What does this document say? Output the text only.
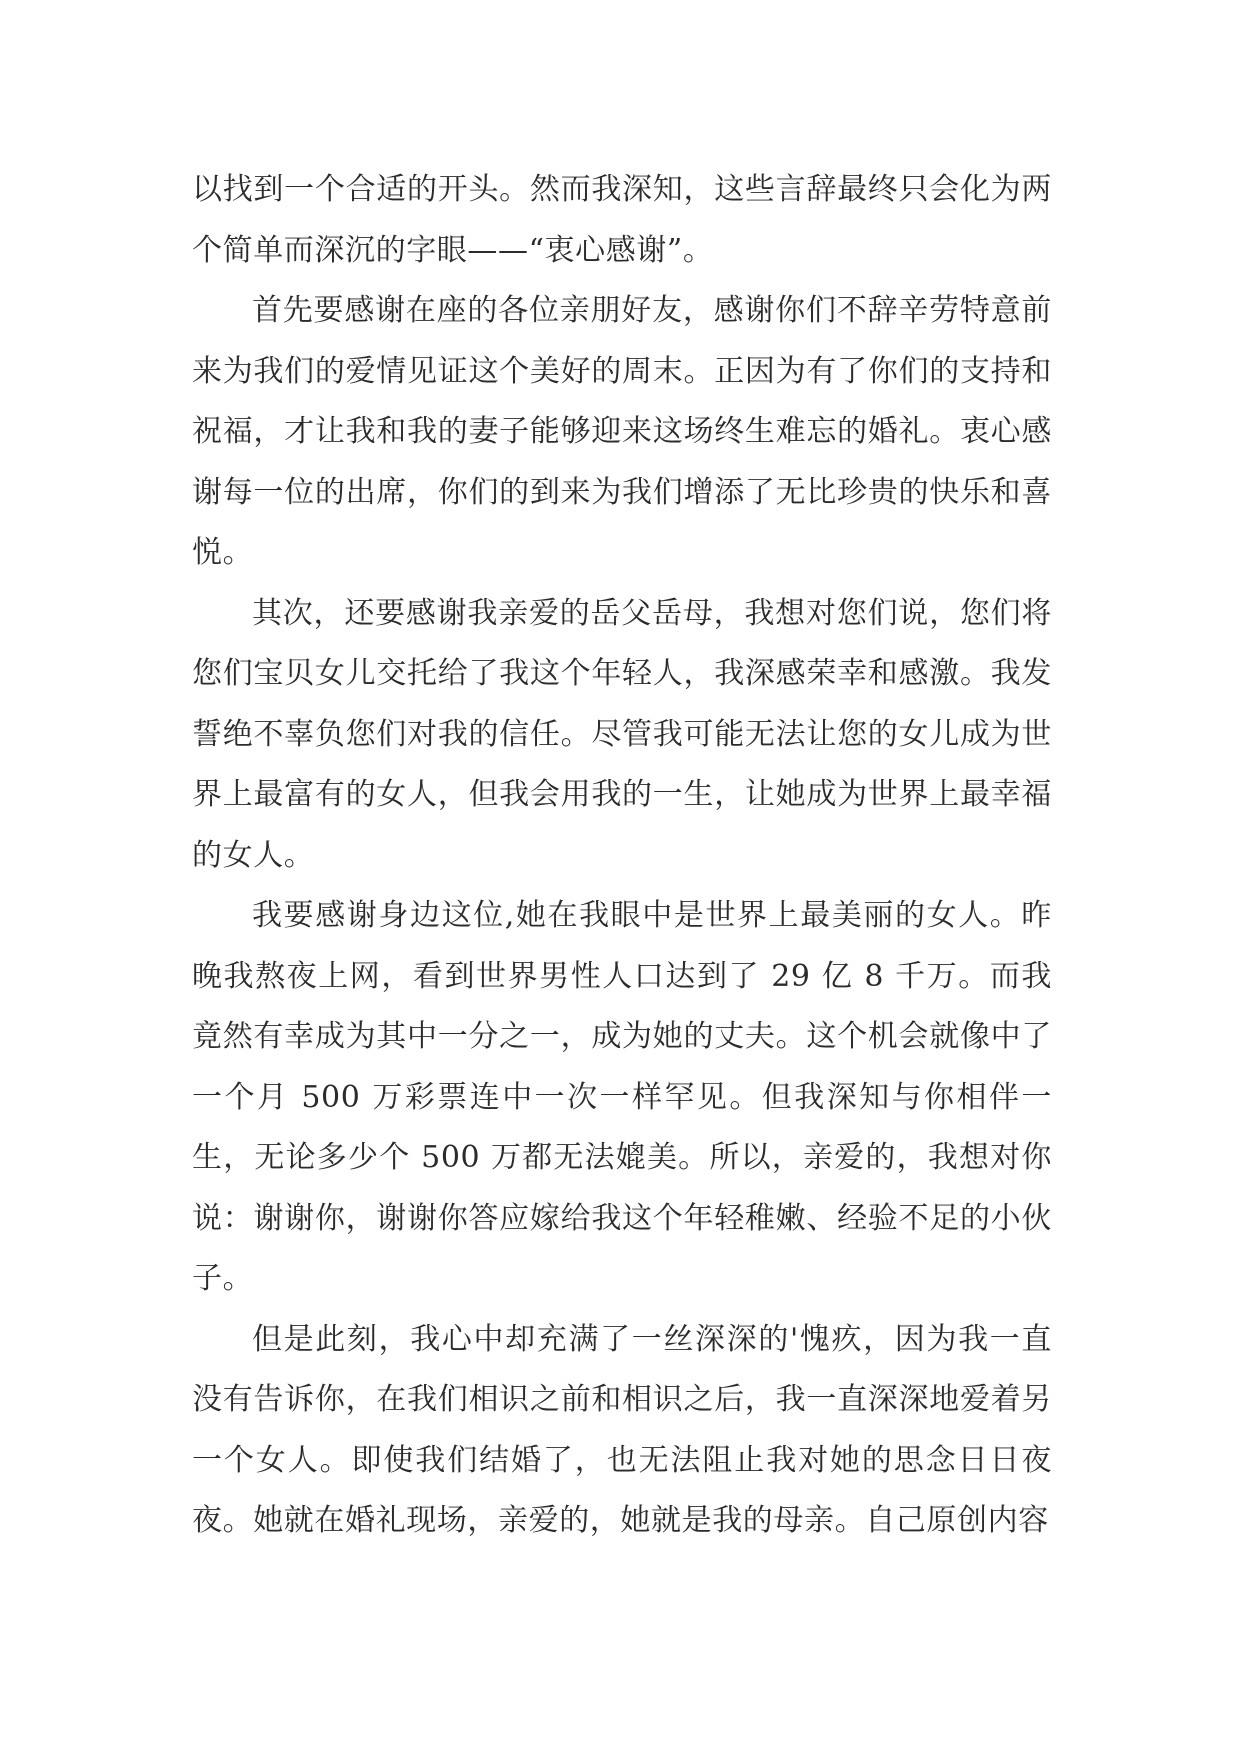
以找到一个合适的开头。然而我深知，这些言辞最终只会化为两个简单而深沉的字眼——“衷心感谢”。

首先要感谢在座的各位亲朋好友，感谢你们不辞辛劳特意前来为我们的爱情见证这个美好的周末。正因为有了你们的支持和祝福，才让我和我的妻子能够迎来这场终生难忘的婚礼。衷心感谢每一位的出席，你们的到来为我们增添了无比珍贵的快乐和喜悦。

其次，还要感谢我亲爱的岳父岳母，我想对您们说，您们将您们宝贝女儿交托给了我这个年轻人，我深感荣幸和感激。我发誓绝不辜负您们对我的信任。尽管我可能无法让您的女儿成为世界上最富有的女人，但我会用我的一生，让她成为世界上最幸福的女人。

我要感谢身边这位,她在我眼中是世界上最美丽的女人。昨晚我熬夜上网，看到世界男性人口达到了 29 亿 8 千万。而我竟然有幸成为其中一分之一，成为她的丈夫。这个机会就像中了一个月 500 万彩票连中一次一样罕见。但我深知与你相伴一生，无论多少个 500 万都无法媲美。所以，亲爱的，我想对你说：谢谢你，谢谢你答应嫁给我这个年轻稚嫩、经验不足的小伙子。

但是此刻，我心中却充满了一丝深深的'愧疚，因为我一直没有告诉你，在我们相识之前和相识之后，我一直深深地爱着另一个女人。即使我们结婚了，也无法阻止我对她的思念日日夜夜。她就在婚礼现场，亲爱的，她就是我的母亲。自己原创内容
